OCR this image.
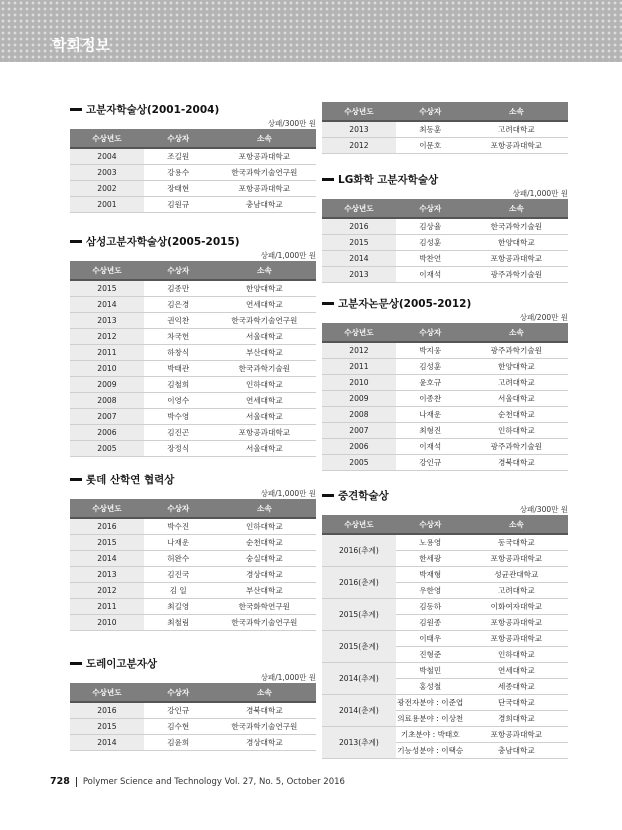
학회정보
고분자학술상(2001-2004)
상패/300만 원
수상년도	수상자	소속
2004	조길원	포항공과대학교
2003	강용수	한국과학기술연구원
2002	장태현	포항공과대학교
2001	김원규	충남대학교
삼성고분자학술상(2005-2015)
상패/1,000만 원
수상년도	수상자	소속
2015	김종만	한양대학교
2014	김은경	연세대학교
2013	권익찬	한국과학기술연구원
2012	차국헌	서울대학교
2011	하창식	부산대학교
2010	박태관	한국과학기술원
2009	김철희	인하대학교
2008	이영수	연세대학교
2007	박수영	서울대학교
2006	김진곤	포항공과대학교
2005	장정식	서울대학교
롯데 산학연 협력상
상패/1,000만 원
수상년도	수상자	소속
2016	박수진	인하대학교
2015	나재운	순천대학교
2014	허완수	숭실대학교
2013	김진국	경상대학교
2012	김 일	부산대학교
2011	최길영	한국화학연구원
2010	최철림	한국과학기술연구원
도레이고분자상
상패/1,000만 원
수상년도	수상자	소속
2016	강인규	경북대학교
2015	김수현	한국과학기술연구원
2014	김윤희	경상대학교
수상년도	수상자	소속
2013	최동훈	고려대학교
2012	이문호	포항공과대학교
LG화학 고분자학술상
상패/1,000만 원
수상년도	수상자	소속
2016	김상율	한국과학기술원
2015	김성훈	한양대학교
2014	박찬언	포항공과대학교
2013	이재석	광주과학기술원
고분자논문상(2005-2012)
상패/200만 원
수상년도	수상자	소속
2012	박지웅	광주과학기술원
2011	김성훈	한양대학교
2010	윤호규	고려대학교
2009	이종찬	서울대학교
2008	나재운	순천대학교
2007	최형진	인하대학교
2006	이재석	광주과학기술원
2005	강인규	경북대학교
중견학술상
상패/300만 원
수상년도	수상자	소속
2016(추계)	노용영	동국대학교
	한세광	포항공과대학교
2016(춘계)	박재형	성균관대학교
	우한영	고려대학교
2015(추계)	김동하	이화여자대학교
	김원종	포항공과대학교
2015(춘계)	이태우	포항공과대학교
	진형준	인하대학교
2014(추계)	박철민	연세대학교
	홍성철	세종대학교
2014(춘계)	광전자분야 : 이준엽	단국대학교
	의료용분야 : 이상천	경희대학교
2013(추계)	기초분야 : 박태호	포항공과대학교
	기능성분야 : 이택승	충남대학교
728 Polymer Science and Technology Vol. 27, No. 5, October 2016
